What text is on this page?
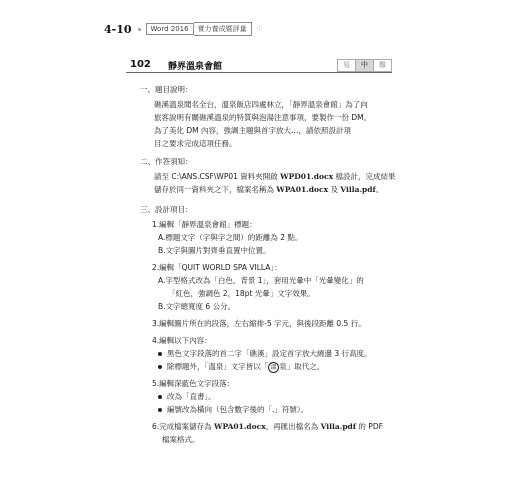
4-10	Word 2016	實力養成暨評量	⁘
102 靜界溫泉會館	易	中	難
一、題目說明：
礁溪溫泉聞名全台，溫泉飯店四處林立，「靜界溫泉會館」為了向
旅客說明有關礁溪溫泉的特質與泡湯注意事項，要製作一份 DM。
為了美化 DM 內容，強調主題與首字放大…，請依照設計項
目之要求完成這項任務。
二、作答須知：
請至 C:\ANS.CSF\WP01 資料夾開啟 WPD01.docx 檔設計，完成結果
儲存於同一資料夾之下，檔案名稱為 WPA01.docx 及 Villa.pdf。
三、設計項目：
1.編輯「靜界溫泉會館」標題：
A.標題文字（字與字之間）的距離為 2 點。
B.文字與圖片對齊垂直置中位置。
2.編輯「QUIT WORLD SPA VILLA」：
A.字型格式改為「白色，背景 1」，套用光暈中「光暈變化」的
「紅色，強調色 2，18pt 光暈」文字效果。
B.文字總寬度 6 公分。
3.編輯圖片所在的段落，左右縮排-5 字元，與後段距離 0.5 行。
4.編輯以下內容：
黑色文字段落的首二字「礁溪」設定首字放大繞邊 3 行高度。
除標題外，「溫泉」文字皆以「 溫 泉」取代之。
5.編輯深藍色文字段落：
改為「直書」。
編號改為橫向（包含數字後的「.」符號）。
6.完成檔案儲存為 WPA01.docx，再匯出檔名為 Villa.pdf 的 PDF
檔案格式。
